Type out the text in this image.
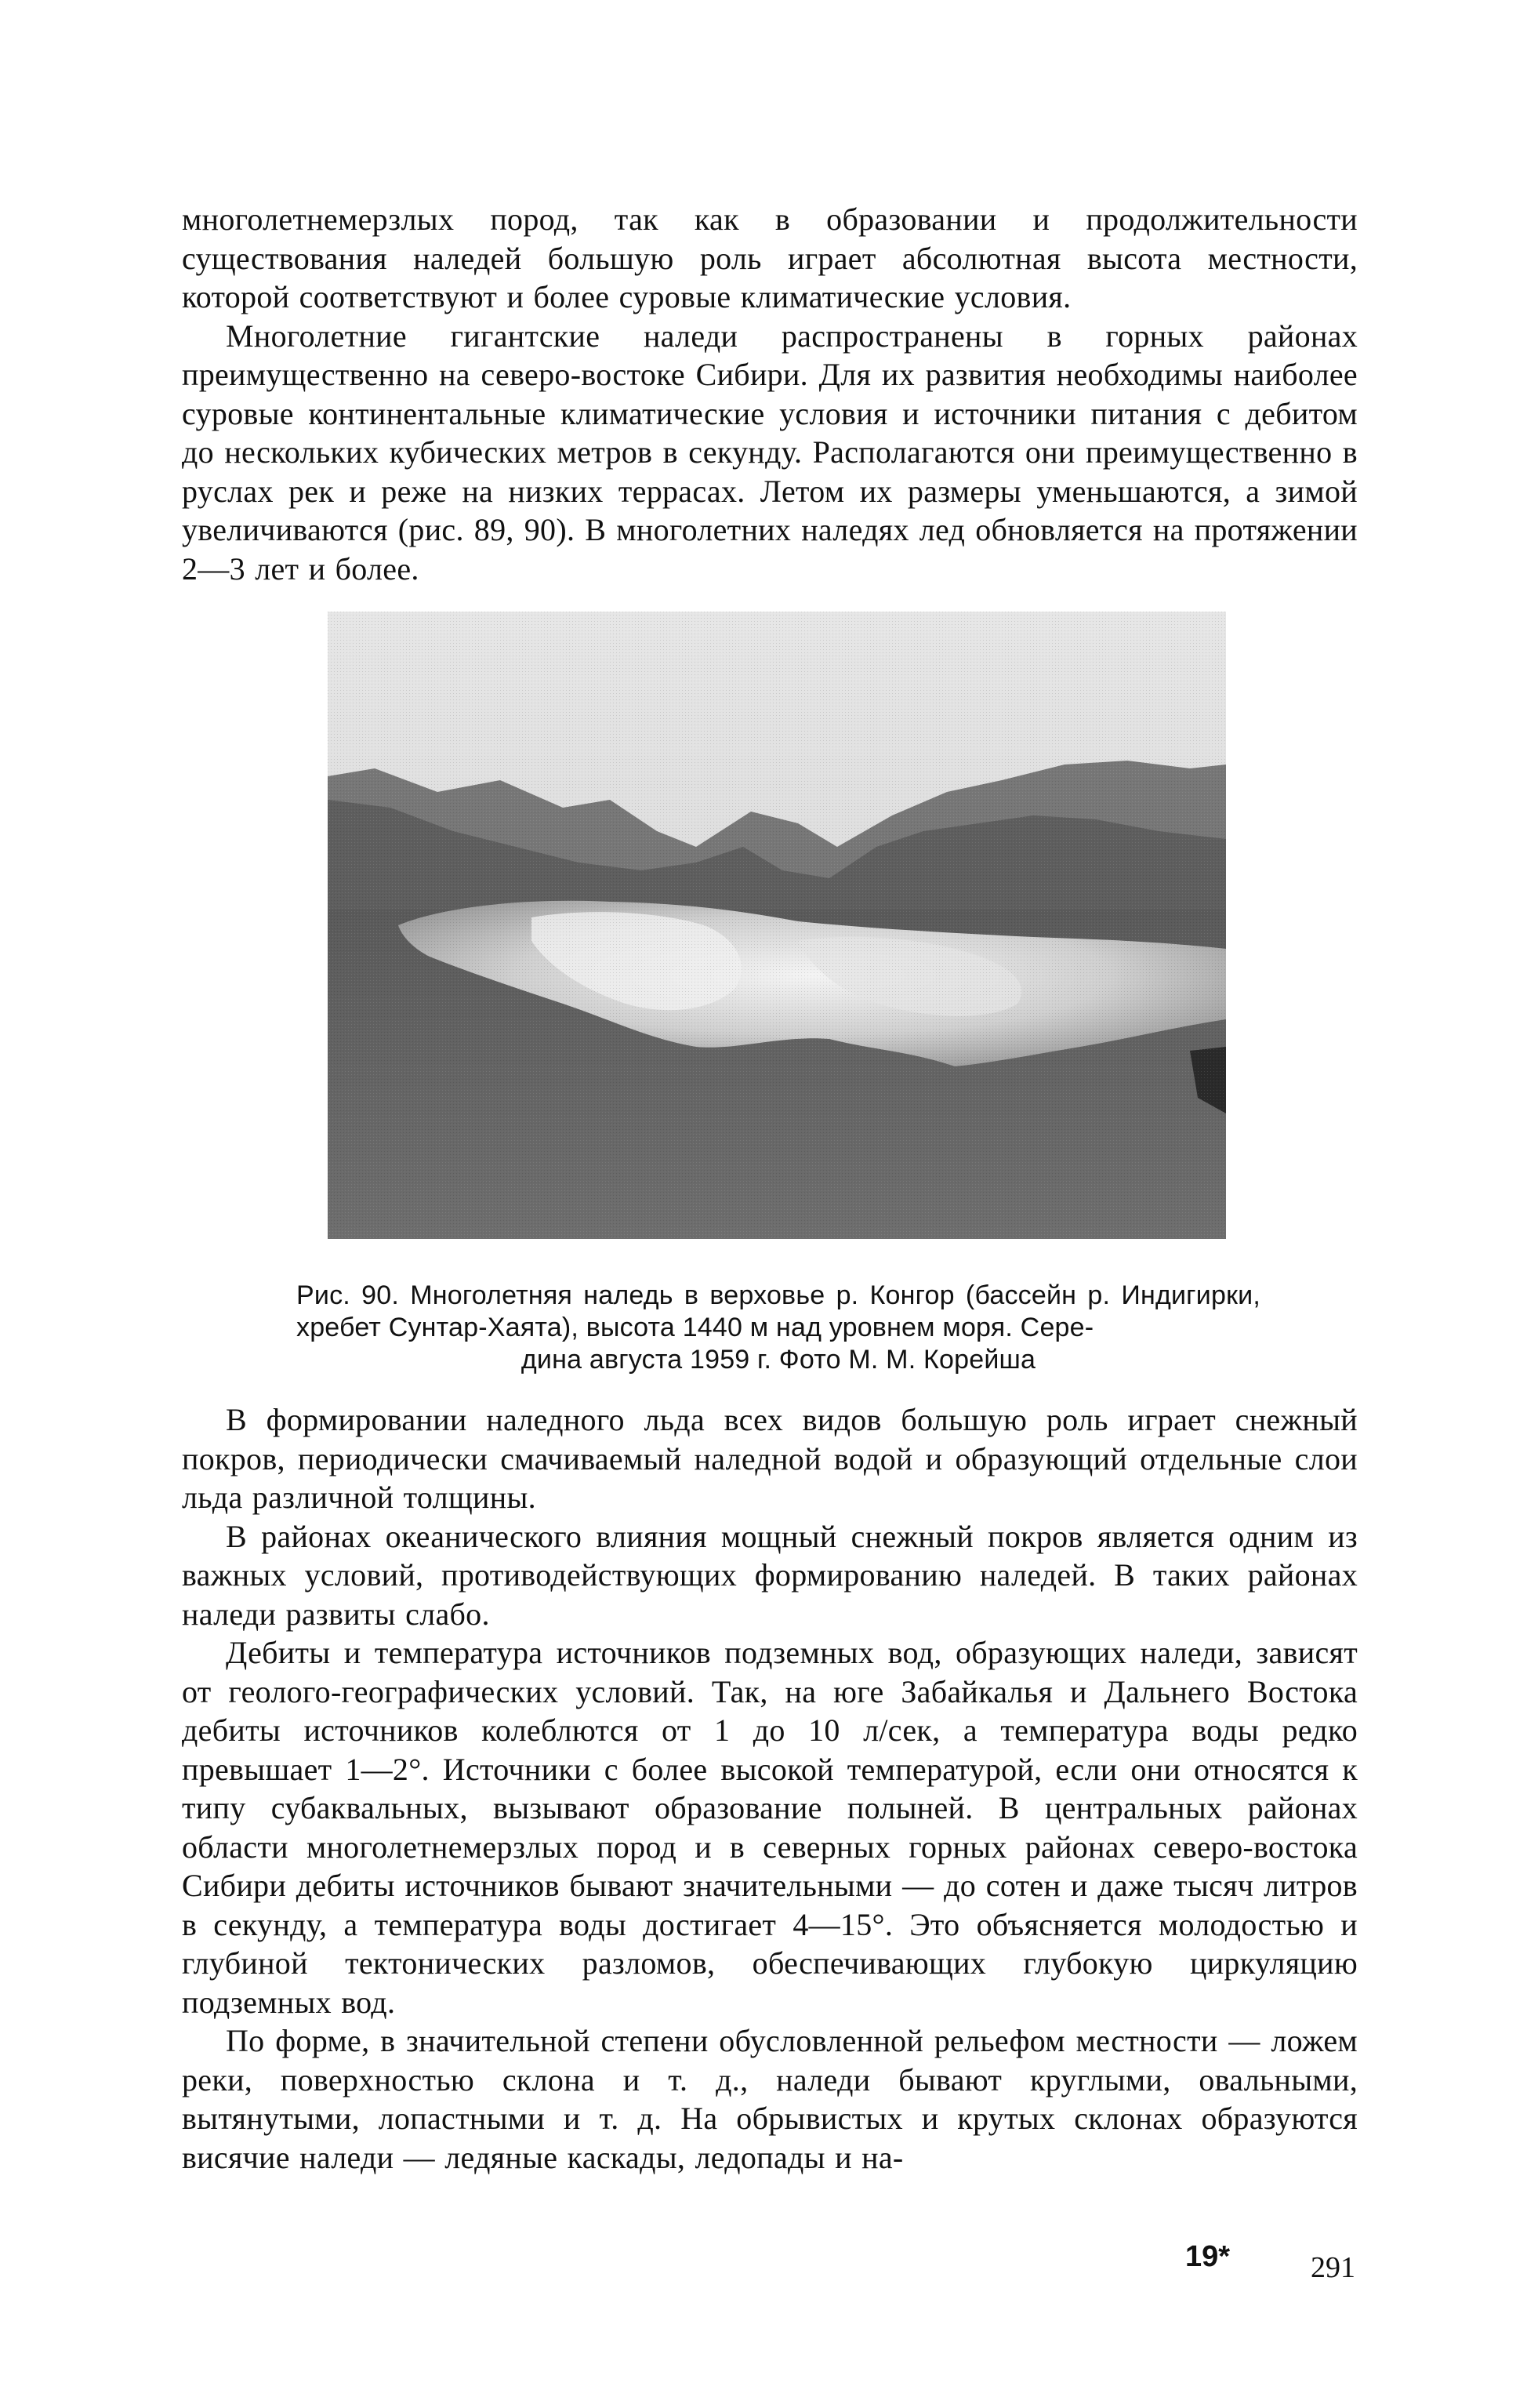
многолетнемерзлых пород, так как в образовании и продолжительности существования наледей большую роль играет абсолютная высота местности, которой соответствуют и более суровые климатические условия.

Многолетние гигантские наледи распространены в горных районах преимущественно на северо-востоке Сибири. Для их развития необходимы наиболее суровые континентальные климатические условия и источники питания с дебитом до нескольких кубических метров в секунду. Располагаются они преимущественно в руслах рек и реже на низких террасах. Летом их размеры уменьшаются, а зимой увеличиваются (рис. 89, 90). В многолетних наледях лед обновляется на протяжении 2—3 лет и более.

Рис. 90. Многолетняя наледь в верховье р. Конгор (бассейн р. Индигирки, хребет Сунтар-Хаята), высота 1440 м над уровнем моря. Сере-
дина августа 1959 г. Фото М. М. Корейша

В формировании наледного льда всех видов большую роль играет снежный покров, периодически смачиваемый наледной водой и образующий отдельные слои льда различной толщины.

В районах океанического влияния мощный снежный покров является одним из важных условий, противодействующих формированию наледей. В таких районах наледи развиты слабо.

Дебиты и температура источников подземных вод, образующих наледи, зависят от геолого-географических условий. Так, на юге Забайкалья и Дальнего Востока дебиты источников колеблются от 1 до 10 л/сек, а температура воды редко превышает 1—2°. Источники с более высокой температурой, если они относятся к типу субаквальных, вызывают образование полыней. В центральных районах области многолетнемерзлых пород и в северных горных районах северо-востока Сибири дебиты источников бывают значительными — до сотен и даже тысяч литров в секунду, а температура воды достигает 4—15°. Это объясняется молодостью и глубиной тектонических разломов, обеспечивающих глубокую циркуляцию подземных вод.

По форме, в значительной степени обусловленной рельефом местности — ложем реки, поверхностью склона и т. д., наледи бывают круглыми, овальными, вытянутыми, лопастными и т. д. На обрывистых и крутых склонах образуются висячие наледи — ледяные каскады, ледопады и на-

19*	291
